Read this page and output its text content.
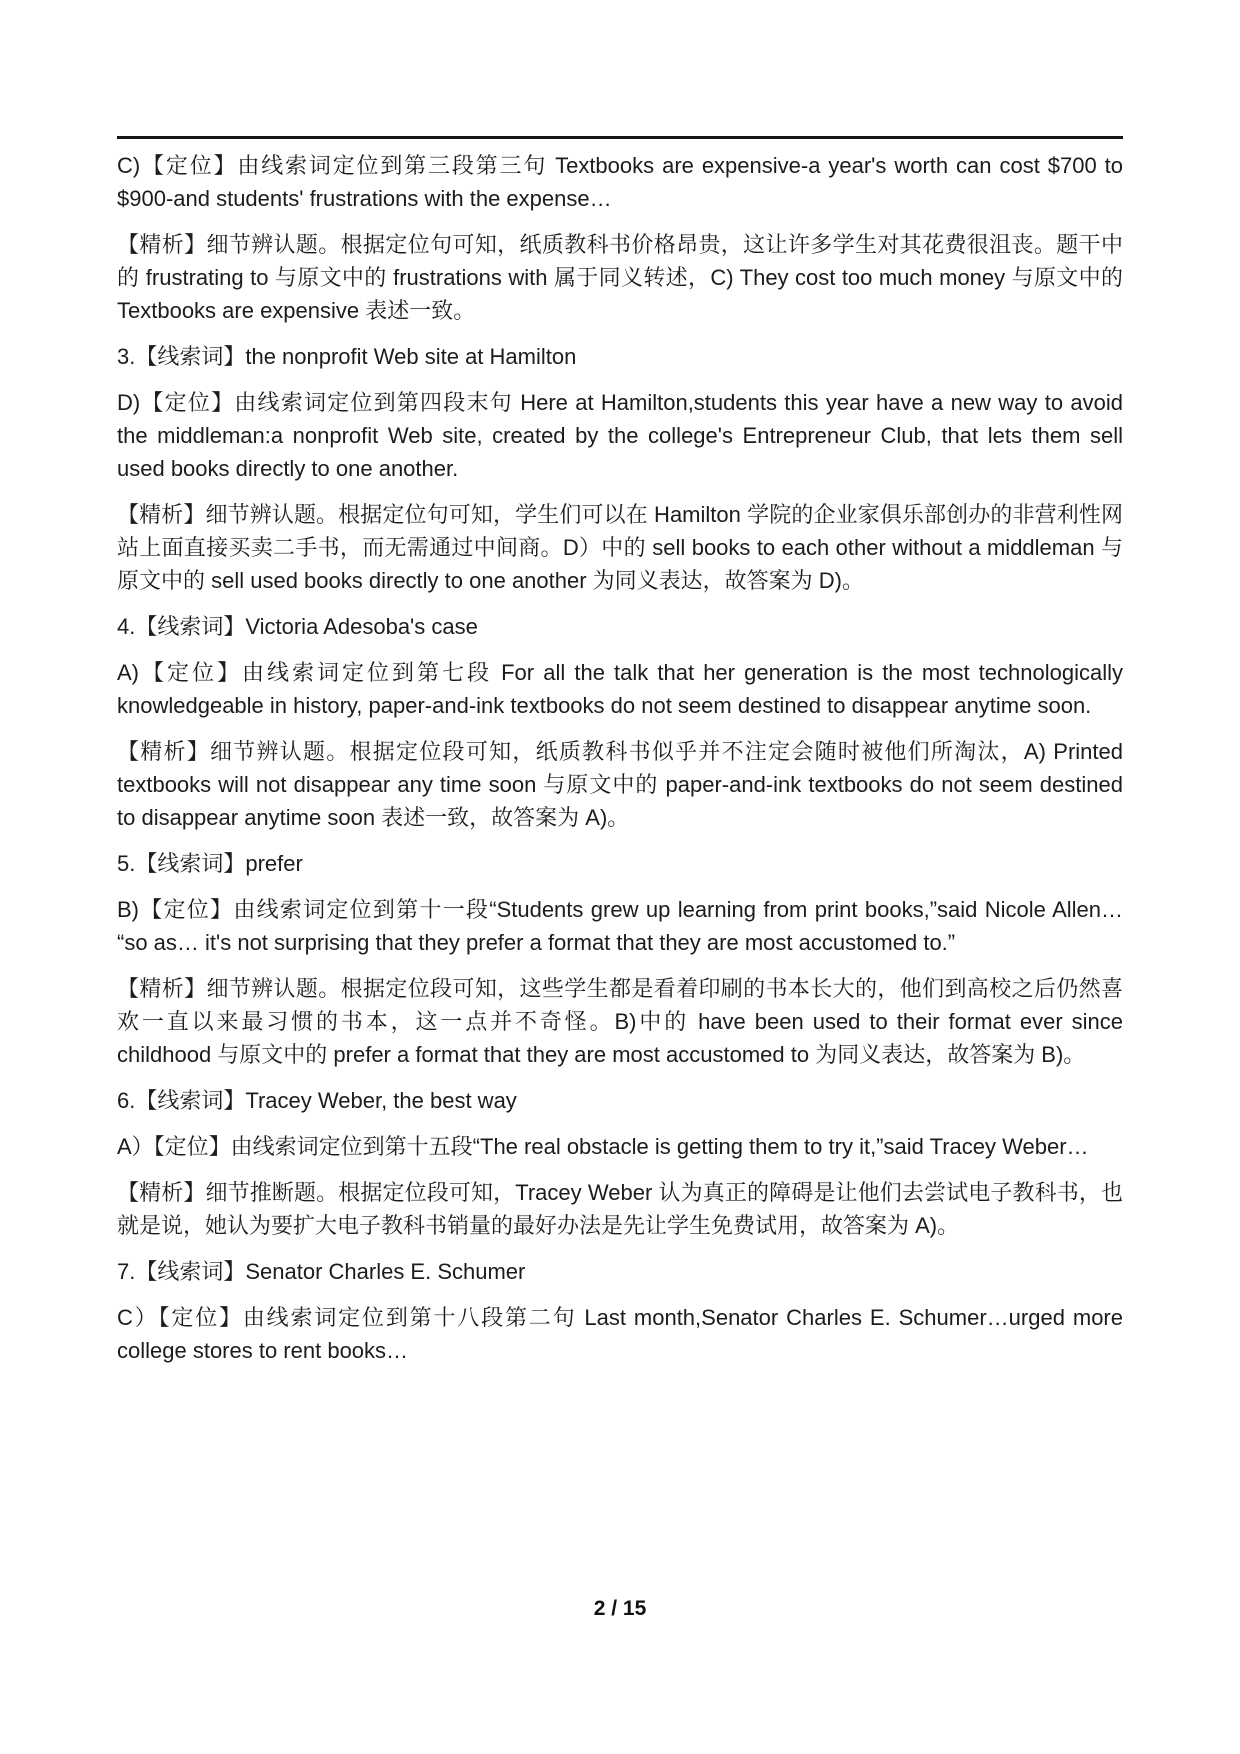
C)【定位】由线索词定位到第三段第三句 Textbooks are expensive-a year's worth can cost $700 to $900-and students' frustrations with the expense…

【精析】细节辨认题。根据定位句可知，纸质教科书价格昂贵，这让许多学生对其花费很沮丧。题干中的 frustrating to 与原文中的 frustrations with 属于同义转述，C) They cost too much money 与原文中的 Textbooks are expensive 表述一致。

3.【线索词】the nonprofit Web site at Hamilton

D)【定位】由线索词定位到第四段末句 Here at Hamilton,students this year have a new way to avoid the middleman:a nonprofit Web site, created by the college's Entrepreneur Club, that lets them sell used books directly to one another.

【精析】细节辨认题。根据定位句可知，学生们可以在 Hamilton 学院的企业家俱乐部创办的非营利性网站上面直接买卖二手书，而无需通过中间商。D）中的 sell books to each other without a middleman 与原文中的 sell used books directly to one another 为同义表达，故答案为 D)。

4.【线索词】Victoria Adesoba's case

A)【定位】由线索词定位到第七段 For all the talk that her generation is the most technologically knowledgeable in history, paper-and-ink textbooks do not seem destined to disappear anytime soon.

【精析】细节辨认题。根据定位段可知，纸质教科书似乎并不注定会随时被他们所淘汰，A) Printed textbooks will not disappear any time soon 与原文中的 paper-and-ink textbooks do not seem destined to disappear anytime soon 表述一致，故答案为 A)。

5.【线索词】prefer

B)【定位】由线索词定位到第十一段“Students grew up learning from print books,”said Nicole Allen… “so as… it's not surprising that they prefer a format that they are most accustomed to.”

【精析】细节辨认题。根据定位段可知，这些学生都是看着印刷的书本长大的，他们到高校之后仍然喜欢一直以来最习惯的书本，这一点并不奇怪。B)中的 have been used to their format ever since childhood 与原文中的 prefer a format that they are most accustomed to 为同义表达，故答案为 B)。

6.【线索词】Tracey Weber, the best way

A）【定位】由线索词定位到第十五段“The real obstacle is getting them to try it,”said Tracey Weber…

【精析】细节推断题。根据定位段可知，Tracey Weber 认为真正的障碍是让他们去尝试电子教科书，也就是说，她认为要扩大电子教科书销量的最好办法是先让学生免费试用，故答案为 A)。

7.【线索词】Senator Charles E. Schumer

C）【定位】由线索词定位到第十八段第二句 Last month,Senator Charles E. Schumer…urged more college stores to rent books…

2 / 15
